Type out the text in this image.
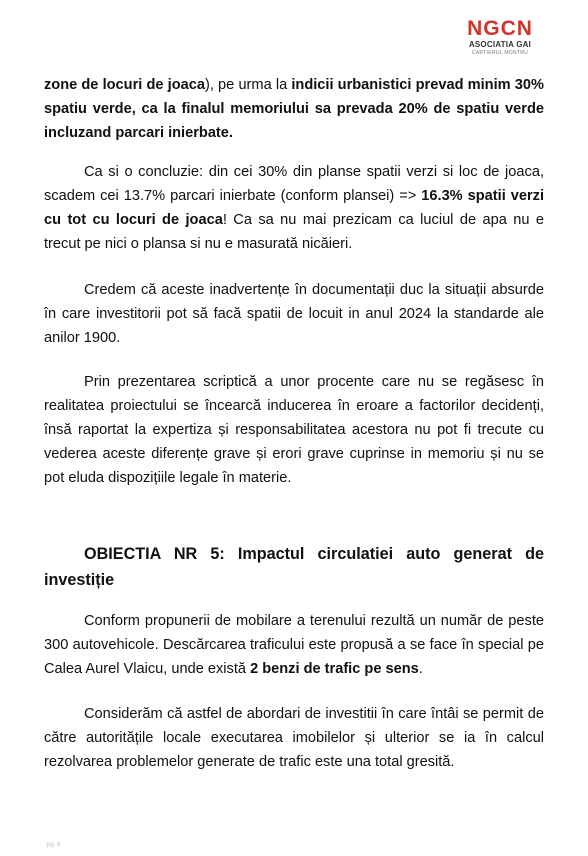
NGCN
ASOCIATIA GAI
CARTIERUL MONTRU

zone de locuri de joaca), pe urma la indicii urbanistici prevad minim 30% spatiu verde, ca la finalul memoriului sa prevada 20% de spatiu verde incluzand parcari inierbate.

Ca si o concluzie: din cei 30% din planse spatii verzi si loc de joaca, scadem cei 13.7% parcari inierbate (conform plansei) => 16.3% spatii verzi cu tot cu locuri de joaca! Ca sa nu mai prezicam ca luciul de apa nu e trecut pe nici o plansa si nu e masurată nicăieri.

Credem că aceste inadvertențe în documentații duc la situații absurde în care investitorii pot să facă spatii de locuit in anul 2024 la standarde ale anilor 1900.

Prin prezentarea scriptică a unor procente care nu se regăsesc în realitatea proiectului se încearcă inducerea în eroare a factorilor decidenți, însă raportat la expertiza și responsabilitatea acestora nu pot fi trecute cu vederea aceste diferențe grave și erori grave cuprinse in memoriu și nu se pot eluda dispozițiile legale în materie.

OBIECTIA NR 5: Impactul circulatiei auto generat de investiție

Conform propunerii de mobilare a terenului rezultă un număr de peste 300 autovehicole. Descărcarea traficului este propusă a se face în special pe Calea Aurel Vlaicu, unde există 2 benzi de trafic pe sens.

Considerăm că astfel de abordari de investitii în care întâi se permit de către autoritățile locale executarea imobilelor și ulterior se ia în calcul rezolvarea problemelor generate de trafic este una total gresită.

pg. 8
